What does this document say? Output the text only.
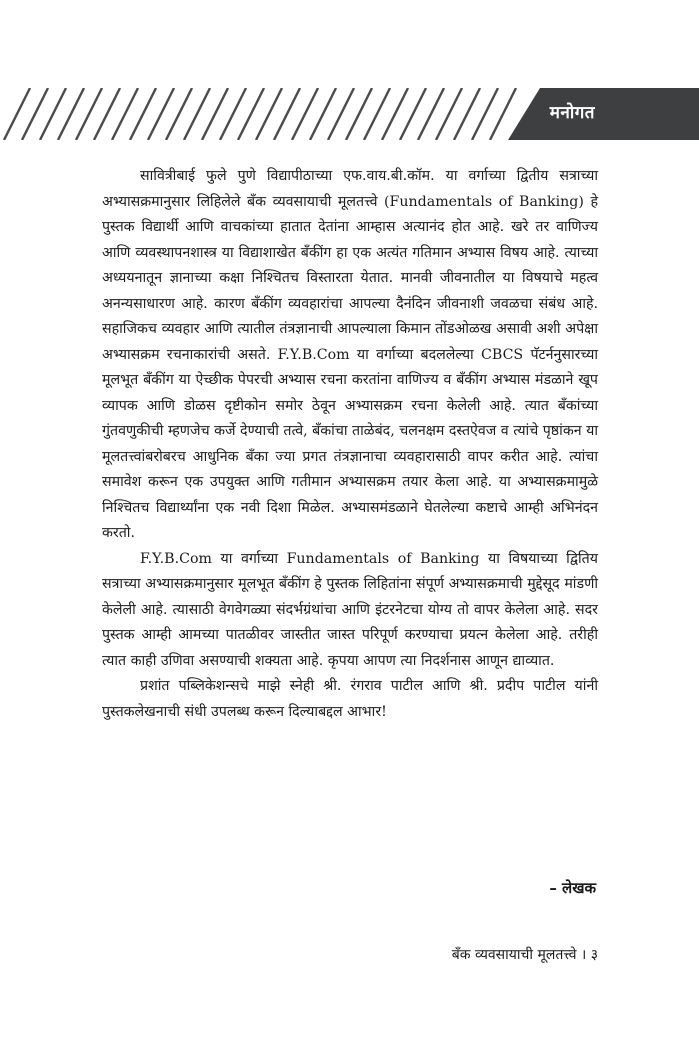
मनोगत

सावित्रीबाई फुले पुणे विद्यापीठाच्या एफ.वाय.बी.कॉम. या वर्गाच्या द्वितीय सत्राच्या अभ्यासक्रमानुसार लिहिलेले बँक व्यवसायाची मूलतत्त्वे (Fundamentals of Banking) हे पुस्तक विद्यार्थी आणि वाचकांच्या हातात देतांना आम्हास अत्यानंद होत आहे. खरे तर वाणिज्य आणि व्यवस्थापनशास्त्र या विद्याशाखेत बँकींग हा एक अत्यंत गतिमान अभ्यास विषय आहे. त्याच्या अध्ययनातून ज्ञानाच्या कक्षा निश्चितच विस्तारता येतात. मानवी जीवनातील या विषयाचे महत्व अनन्यसाधारण आहे. कारण बँकींग व्यवहारांचा आपल्या दैनंदिन जीवनाशी जवळचा संबंध आहे. सहाजिकच व्यवहार आणि त्यातील तंत्रज्ञानाची आपल्याला किमान तोंडओळख असावी अशी अपेक्षा अभ्यासक्रम रचनाकारांची असते. F.Y.B.Com या वर्गाच्या बदललेल्या CBCS पॅटर्ननुसारच्या मूलभूत बँकींग या ऐच्छीक पेपरची अभ्यास रचना करतांना वाणिज्य व बँकींग अभ्यास मंडळाने खूप व्यापक आणि डोळस दृष्टीकोन समोर ठेवून अभ्यासक्रम रचना केलेली आहे. त्यात बँकांच्या गुंतवणुकीची म्हणजेच कर्जे देण्याची तत्वे, बँकांचा ताळेबंद, चलनक्षम दस्तऐवज व त्यांचे पृष्ठांकन या मूलतत्त्वांबरोबरच आधुनिक बँका ज्या प्रगत तंत्रज्ञानाचा व्यवहारासाठी वापर करीत आहे. त्यांचा समावेश करून एक उपयुक्त आणि गतीमान अभ्यासक्रम तयार केला आहे. या अभ्यासक्रमामुळे निश्चितच विद्यार्थ्यांना एक नवी दिशा मिळेल. अभ्यासमंडळाने घेतलेल्या कष्टाचे आम्ही अभिनंदन करतो.

F.Y.B.Com या वर्गाच्या Fundamentals of Banking या विषयाच्या द्वितिय सत्राच्या अभ्यासक्रमानुसार मूलभूत बँकींग हे पुस्तक लिहितांना संपूर्ण अभ्यासक्रमाची मुद्देसूद मांडणी केलेली आहे. त्यासाठी वेगवेगळ्या संदर्भग्रंथांचा आणि इंटरनेटचा योग्य तो वापर केलेला आहे. सदर पुस्तक आम्ही आमच्या पातळीवर जास्तीत जास्त परिपूर्ण करण्याचा प्रयत्न केलेला आहे. तरीही त्यात काही उणिवा असण्याची शक्यता आहे. कृपया आपण त्या निदर्शनास आणून द्याव्यात.

प्रशांत पब्लिकेशन्सचे माझे स्नेही श्री. रंगराव पाटील आणि श्री. प्रदीप पाटील यांनी पुस्तकलेखनाची संधी उपलब्ध करून दिल्याबद्दल आभार!

– लेखक
बँक व्यवसायाची मूलतत्त्वे । ३
